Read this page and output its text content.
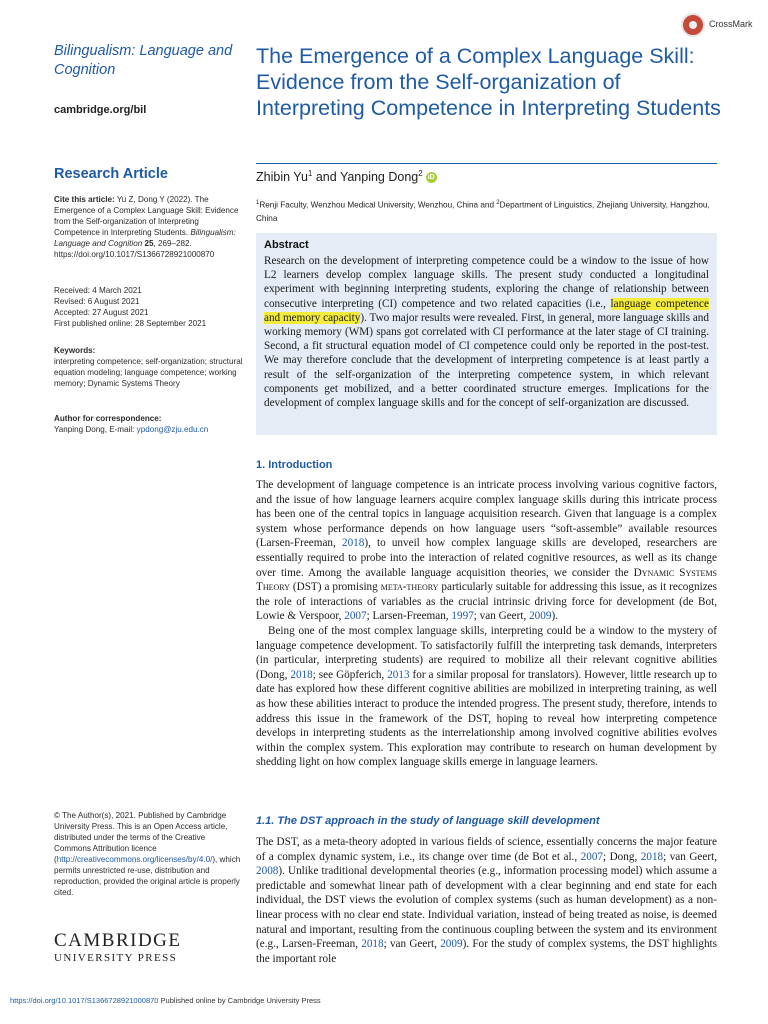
Bilingualism: Language and Cognition
cambridge.org/bil
Research Article
Cite this article: Yu Z, Dong Y (2022). The Emergence of a Complex Language Skill: Evidence from the Self-organization of Interpreting Competence in Interpreting Students. Bilingualism: Language and Cognition 25, 269–282. https://doi.org/10.1017/S1366728921000870
Received: 4 March 2021
Revised: 6 August 2021
Accepted: 27 August 2021
First published online: 28 September 2021
Keywords:
interpreting competence; self-organization; structural equation modeling; language competence; working memory; Dynamic Systems Theory
Author for correspondence:
Yanping Dong, E-mail: ypdong@zju.edu.cn
© The Author(s), 2021. Published by Cambridge University Press. This is an Open Access article, distributed under the terms of the Creative Commons Attribution licence (http://creativecommons.org/licenses/by/4.0/), which permits unrestricted re-use, distribution and reproduction, provided the original article is properly cited.
CAMBRIDGE
UNIVERSITY PRESS
CrossMark
The Emergence of a Complex Language Skill: Evidence from the Self-organization of Interpreting Competence in Interpreting Students
Zhibin Yu$^1$ and Yanping Dong$^2$ iD
$^1$Renji Faculty, Wenzhou Medical University, Wenzhou, China and $^2$Department of Linguistics, Zhejiang University, Hangzhou, China
Abstract
Research on the development of interpreting competence could be a window to the issue of how L2 learners develop complex language skills. The present study conducted a longitudinal experiment with beginning interpreting students, exploring the change of relationship between consecutive interpreting (CI) competence and two related capacities (i.e., language competence and memory capacity). Two major results were revealed. First, in general, more language skills and working memory (WM) spans got correlated with CI performance at the later stage of CI training. Second, a fit structural equation model of CI competence could only be reported in the post-test. We may therefore conclude that the development of interpreting competence is at least partly a result of the self-organization of the interpreting competence system, in which relevant components get mobilized, and a better coordinated structure emerges. Implications for the development of complex language skills and for the concept of self-organization are discussed.
1. Introduction

The development of language competence is an intricate process involving various cognitive factors, and the issue of how language learners acquire complex language skills during this intricate process has been one of the central topics in language acquisition research. Given that language is a complex system whose performance depends on how language users “soft-assemble” available resources (Larsen-Freeman, 2018), to unveil how complex language skills are developed, researchers are essentially required to probe into the interaction of related cognitive resources, as well as its change over time. Among the available language acquisition theories, we consider the Dynamic Systems Theory (DST) a promising meta-theory particularly suitable for addressing this issue, as it recognizes the role of interactions of variables as the crucial intrinsic driving force for development (de Bot, Lowie & Verspoor, 2007; Larsen-Freeman, 1997; van Geert, 2009).

Being one of the most complex language skills, interpreting could be a window to the mystery of language competence development. To satisfactorily fulfill the interpreting task demands, interpreters (in particular, interpreting students) are required to mobilize all their relevant cognitive abilities (Dong, 2018; see Göpferich, 2013 for a similar proposal for translators). However, little research up to date has explored how these different cognitive abilities are mobilized in interpreting training, as well as how these abilities interact to produce the intended progress. The present study, therefore, intends to address this issue in the framework of the DST, hoping to reveal how interpreting competence develops in interpreting students as the interrelationship among involved cognitive abilities evolves within the complex system. This exploration may contribute to research on human development by shedding light on how complex language skills emerge in language learners.

1.1. The DST approach in the study of language skill development
The DST, as a meta-theory adopted in various fields of science, essentially concerns the major feature of a complex dynamic system, i.e., its change over time (de Bot et al., 2007; Dong, 2018; van Geert, 2008). Unlike traditional developmental theories (e.g., information processing model) which assume a predictable and somewhat linear path of development with a clear beginning and end state for each individual, the DST views the evolution of complex systems (such as human development) as a non-linear process with no clear end state. Individual variation, instead of being treated as noise, is deemed natural and important, resulting from the continuous coupling between the system and its environment (e.g., Larsen-Freeman, 2018; van Geert, 2009). For the study of complex systems, the DST highlights the important role
https://doi.org/10.1017/S1366728921000870 Published online by Cambridge University Press
